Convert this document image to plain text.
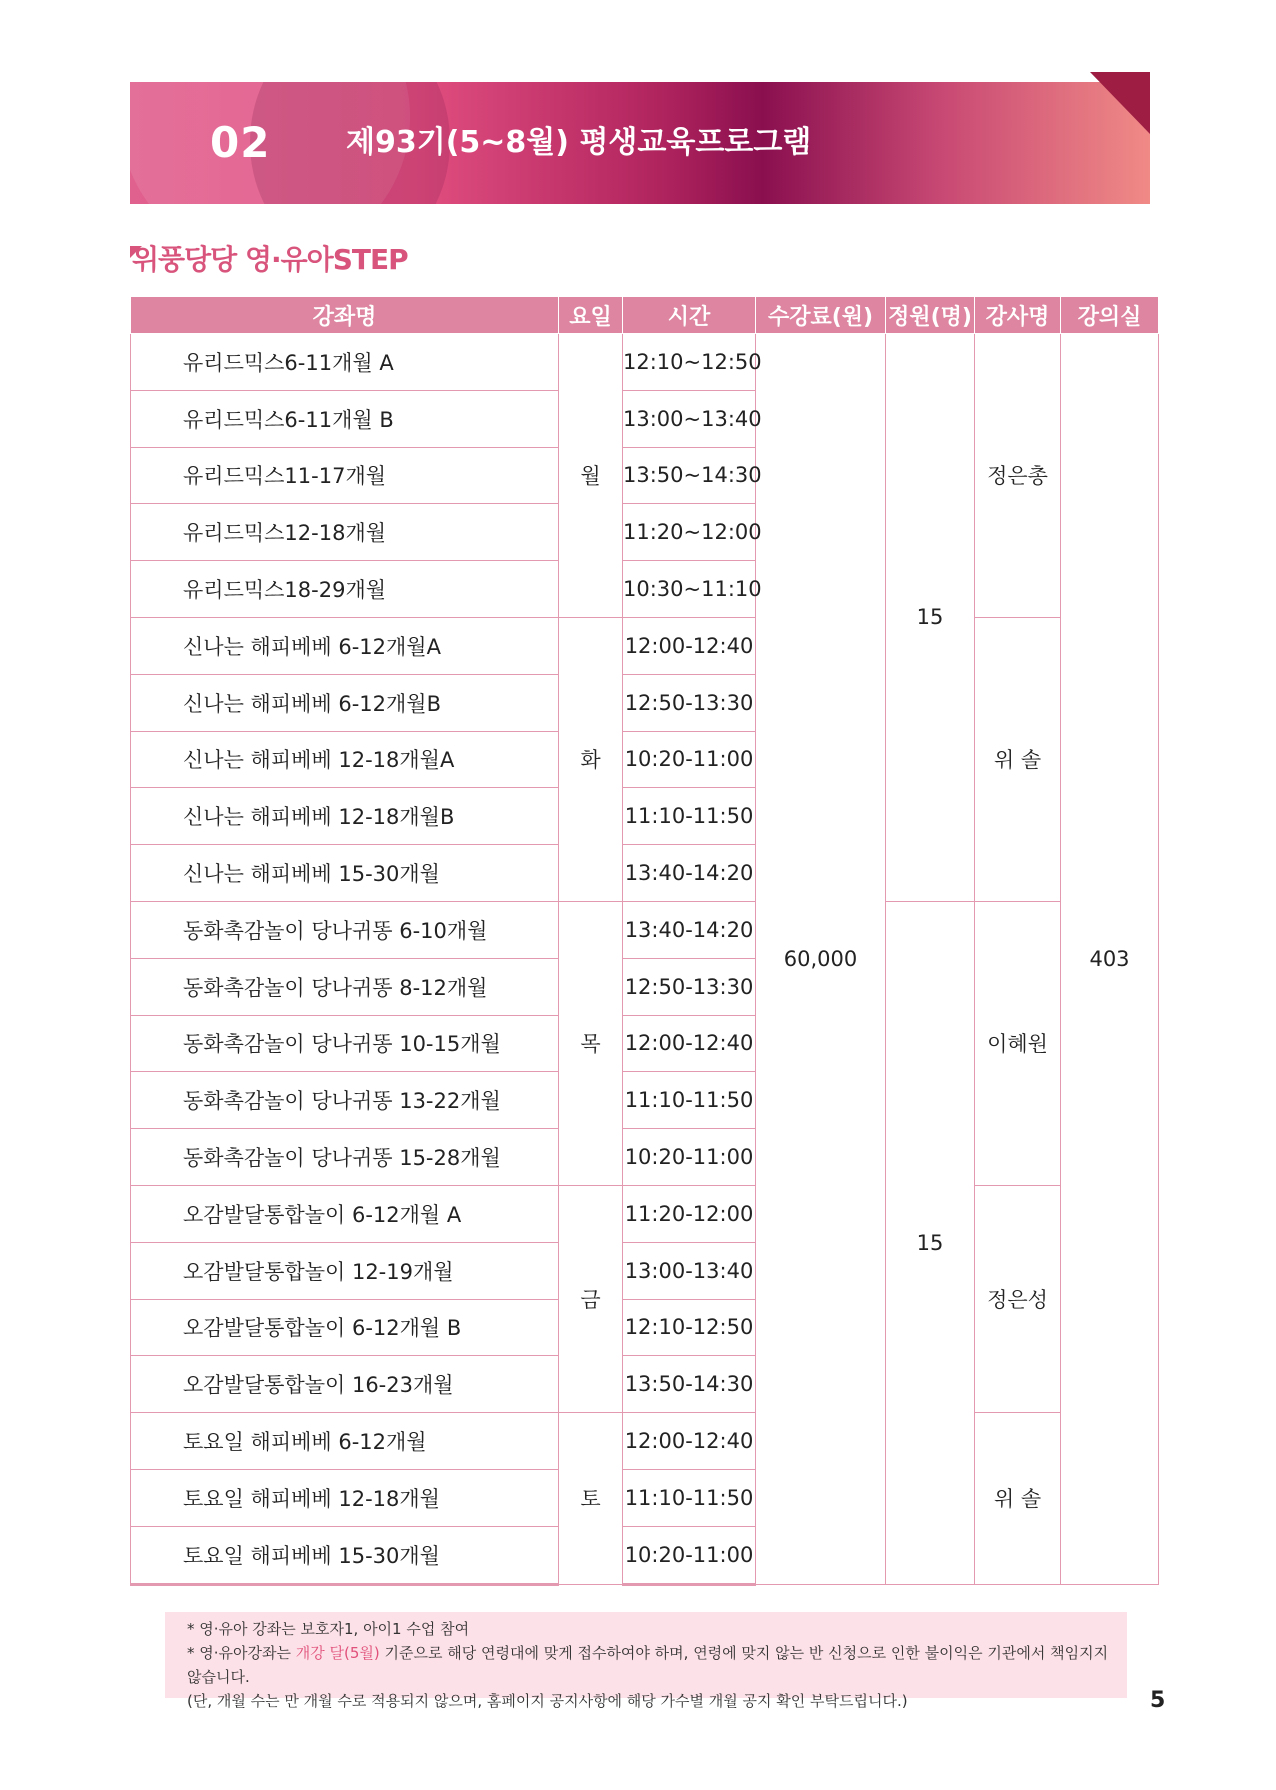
02	제93기(5~8월) 평생교육프로그램
위풍당당 영·유아STEP
강좌명	요일	시간	수강료(원)	정원(명)	강사명	강의실
유리드믹스6-11개월 A	월	12:10~12:50	60,000	15	정은총	403
유리드믹스6-11개월 B		13:00~13:40				
유리드믹스11-17개월		13:50~14:30				
유리드믹스12-18개월		11:20~12:00				
유리드믹스18-29개월		10:30~11:10				
신나는 해피베베 6-12개월A	화	12:00-12:40			위 솔	
신나는 해피베베 6-12개월B		12:50-13:30				
신나는 해피베베 12-18개월A		10:20-11:00				
신나는 해피베베 12-18개월B		11:10-11:50				
신나는 해피베베 15-30개월		13:40-14:20				
동화촉감놀이 당나귀똥 6-10개월	목	13:40-14:20		15	이혜원	
동화촉감놀이 당나귀똥 8-12개월		12:50-13:30				
동화촉감놀이 당나귀똥 10-15개월		12:00-12:40				
동화촉감놀이 당나귀똥 13-22개월		11:10-11:50				
동화촉감놀이 당나귀똥 15-28개월		10:20-11:00				
오감발달통합놀이 6-12개월 A	금	11:20-12:00			정은성	
오감발달통합놀이 12-19개월		13:00-13:40				
오감발달통합놀이 6-12개월 B		12:10-12:50				
오감발달통합놀이 16-23개월		13:50-14:30				
토요일 해피베베 6-12개월	토	12:00-12:40			위 솔	
토요일 해피베베 12-18개월		11:10-11:50				
토요일 해피베베 15-30개월		10:20-11:00				
* 영·유아 강좌는 보호자1, 아이1 수업 참여
* 영·유아강좌는 개강 달(5월) 기준으로 해당 연령대에 맞게 접수하여야 하며, 연령에 맞지 않는 반 신청으로 인한 불이익은 기관에서 책임지지 않습니다.
(단, 개월 수는 만 개월 수로 적용되지 않으며, 홈페이지 공지사항에 해당 가수별 개월 공지 확인 부탁드립니다.)	5
